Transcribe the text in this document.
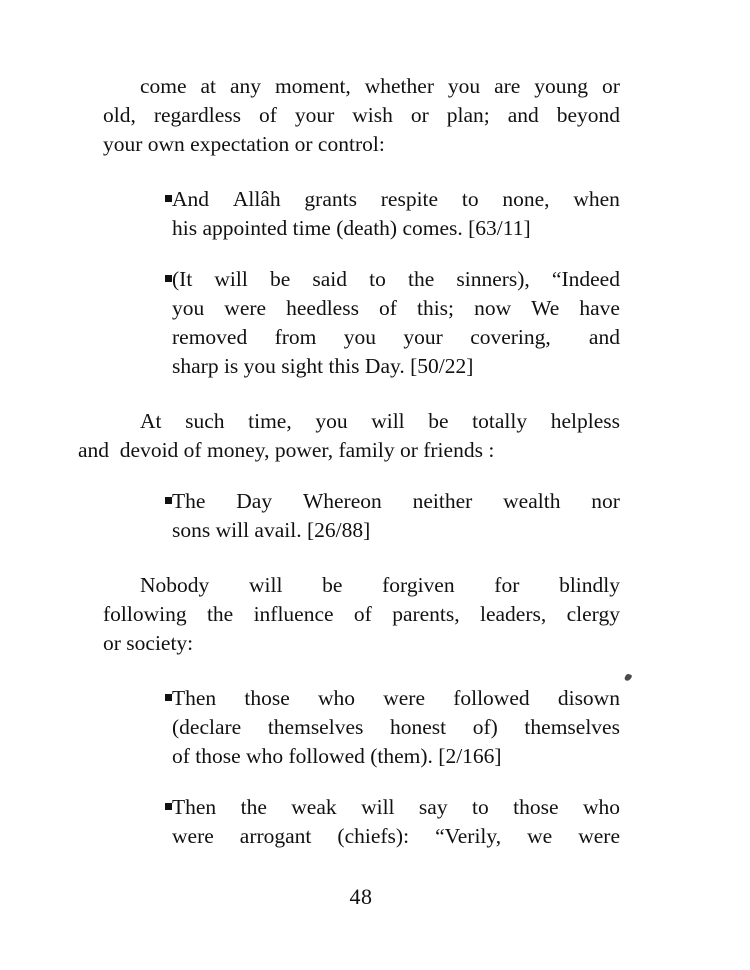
come at any moment, whether you are young or
old, regardless of your wish or plan; and beyond
your own expectation or control:
And Allâh grants respite to none, when
his appointed time (death) comes. [63/11]
(It will be said to the sinners), “Indeed
you were heedless of this; now We have
removed from you your covering, and
sharp is you sight this Day. [50/22]
At such time, you will be totally helpless
and  devoid of money, power, family or friends :
The Day Whereon neither wealth nor
sons will avail. [26/88]
Nobody will be forgiven for blindly
following the influence of parents, leaders, clergy
or society:
Then those who were followed disown
(declare themselves honest of) themselves
of those who followed (them). [2/166]
Then the weak will say to those who
were arrogant (chiefs): “Verily, we were
48
